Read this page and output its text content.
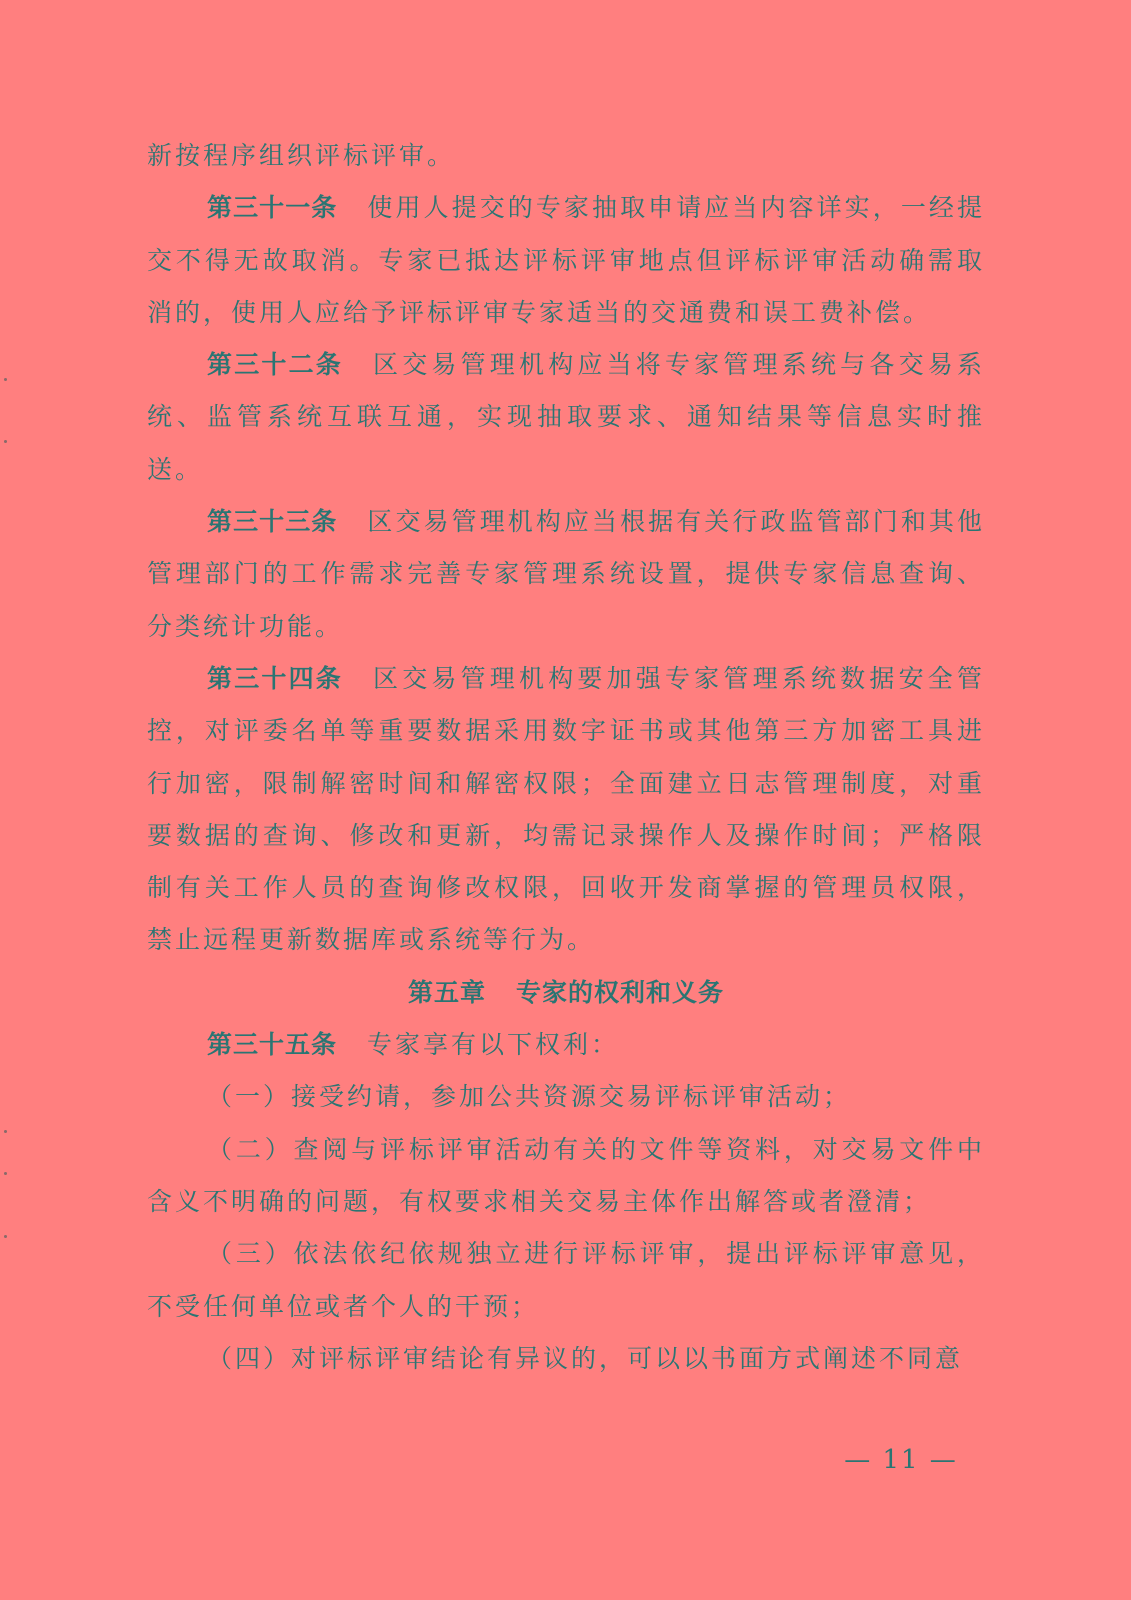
新按程序组织评标评审。

第三十一条 使用人提交的专家抽取申请应当内容详实，一经提交不得无故取消。专家已抵达评标评审地点但评标评审活动确需取消的，使用人应给予评标评审专家适当的交通费和误工费补偿。

第三十二条 区交易管理机构应当将专家管理系统与各交易系统、监管系统互联互通，实现抽取要求、通知结果等信息实时推送。

第三十三条 区交易管理机构应当根据有关行政监管部门和其他管理部门的工作需求完善专家管理系统设置，提供专家信息查询、分类统计功能。

第三十四条 区交易管理机构要加强专家管理系统数据安全管控，对评委名单等重要数据采用数字证书或其他第三方加密工具进行加密，限制解密时间和解密权限；全面建立日志管理制度，对重要数据的查询、修改和更新，均需记录操作人及操作时间；严格限制有关工作人员的查询修改权限，回收开发商掌握的管理员权限，禁止远程更新数据库或系统等行为。

第五章 专家的权利和义务

第三十五条 专家享有以下权利：

（一）接受约请，参加公共资源交易评标评审活动；

（二）查阅与评标评审活动有关的文件等资料，对交易文件中含义不明确的问题，有权要求相关交易主体作出解答或者澄清；

（三）依法依纪依规独立进行评标评审，提出评标评审意见，不受任何单位或者个人的干预；

（四）对评标评审结论有异议的，可以以书面方式阐述不同意

— 11 —
